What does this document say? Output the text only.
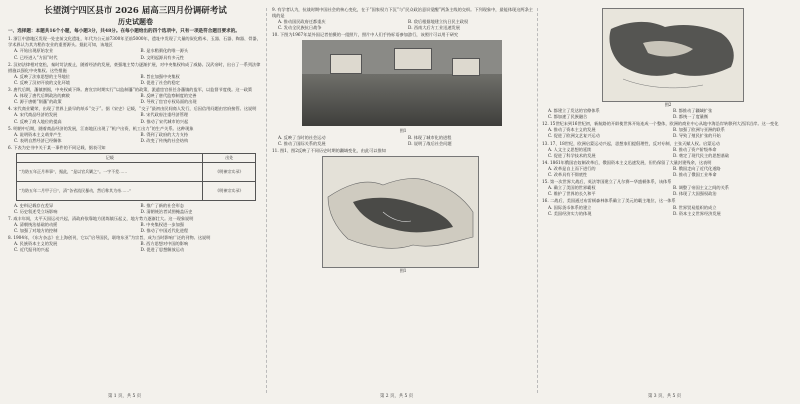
长望浏宁四区县市 2026 届高三四月份调研考试
历史试题卷
一、选择题：本题共16个小题，每小题3分，共48分。在每小题给出的四个选项中，只有一项是符合题目要求的。
1. 浙江中游地区发现一处史前文化遗址，年代为公元前7300年至前5000年，遗址中发现了大量的炭化稻米、玉器、石器、陶器、骨器，学术界认为其为稻作农业的重要源头。据此可知，该地区
A. 开始出现原始农业	B. 是水稻驯化的唯一源头
C. 已经进入“方国”时代	D. 文明起源具有多元性
2. 汉初法律相对宽松，秦时苛法废止，随着经济的发展，豪强地主势力逐渐扩展，对中央集权构成了威胁。汉武帝时，出台了一系列法律措施以强化中央集权。这些措施
A. 反映了法家思想的主导地位	B. 旨在加强中央集权
C. 反映了汉初开放的文化环境	D. 促进了社会的稳定
3. 唐代后期，藩镇割据，中央权威下降。唐宣宗时期实行“以监制藩”的政策，派遣宦官担任各藩镇的监军，以监督节度使。这一政策
A. 体现了唐代后期政治的腐败	B. 反映了唐代监察制度的完善
C. 源于唐朝“削藩”的政策	D. 导致了宦官专权局面的出现
4. 宋代商业繁荣，出现了世界上最早的纸币“交子”。据《宋史》记载，“交子”最初由民间商人发行，后因信用问题由官府接管。这说明
A. 宋代商品经济的发展	B. 宋代政府注重经济管理
C. 反映了商人地位的提高	D. 推动了宋代城市的兴起
5. 明朝中后期，随着商品经济的发展，江南地区出现了“机户出资，机工出力”的生产关系。这种现象
A. 说明资本主义萌芽产生	B. 得到了政府的大力支持
C. 表明自然经济已经解体	D. 改变了传统的社会结构
6. 下表为史书中关于某一事件的不同记载，据表可知
记载	出处
“为防五年正月举事”，据此，“是以官兵剿之”。一字不差……	《明神宗实录》
“为防五年二月甲子日”，清“各省流民暴动，然后称其为帝……”	《明神宗实录》
A. 史料记载存在差异	B. 推广了新的社会形态
C. 历史叙述受立场影响	D. 清朝统治者试图掩盖历史
7. 咸丰年间，太平天国运动兴起，清政府依靠地方团练镇压起义，地方势力逐渐壮大。这一现象说明
A. 清朝统治基础的动摇	B. 中央集权进一步加强
C. 加强了对地方的控制	D. 推动了中国近代化进程
8. 1904年，《东方杂志》在上海创刊，它以“启导国民，联络东亚”为宗旨，成为当时影响广泛的刊物。这说明
A. 民族资本主义的发展	B. 西方思想对中国的影响
C. 近代报刊的兴起	D. 促进了思想解放运动
第 1 页，共 5 页
9. 有学者认为，抗战时期中国社会的核心变化，在于“国家权力下沉”与“民众政治意识觉醒”两条主线的交织。下列现象中，最能体现这两条主线的是
A. 推动国民政府迁都重庆	B. 敌后根据地建立抗日民主政权
C. 发动全民族抗日战争	D. 西南大后方工业迅速发展
10. 下图为1967年某外国记者拍摄的一组照片，照片中人们手持标语参加游行，该照片可以用于研究
图1
A. 反映了当时的社会运动	B. 体现了城市化的进程
C. 推动了国际关系的发展	D. 说明了战后社会问题
11. 图1、图2反映了不同历史时期的疆域变化，由此可以推知
图1
第 2 页，共 5 页
图2
A. 都建立了发达的官僚体系	B. 都推动了疆域扩张
C. 都加速了民族融合	D. 都统一了度量衡
12. 15世纪末到16世纪初，新航路的开辟使世界开始连成一个整体，欧洲的商业中心从地中海沿岸转移到大西洋沿岸。这一变化
A. 推动了资本主义的发展	B. 加强了欧洲与亚洲的联系
C. 促进了欧洲文艺复兴运动	D. 导致了殖民扩张的开始
13. 17、18世纪，欧洲启蒙运动兴起，思想家们提倡理性，反对专制，主张天赋人权。启蒙运动
A. 人文主义思想的延续	B. 推动了资产阶级革命
C. 促进了科学技术的发展	D. 奠定了现代民主的思想基础
14. 1861年俄国农奴制改革后，俄国资本主义迅速发展，但仍保留了大量封建残余，这表明
A. 改革是自上而下进行的	B. 俄国走向了近代化道路
C. 改革具有不彻底性	D. 推动了俄国工业革命
15. 第一次世界大战后，英法等国建立了凡尔赛—华盛顿体系，该体系
A. 确立了美国的世界霸权	B. 调整了帝国主义之间的关系
C. 维护了世界的长久和平	D. 体现了大国强权政治
16. 二战后，美国通过布雷顿森林体系确立了美元的霸主地位，这一体系
A. 国际货币体系的建立	B. 世界贸易组织的成立
C. 美国经济实力的体现	D. 资本主义世界经济发展
第 3 页，共 5 页
